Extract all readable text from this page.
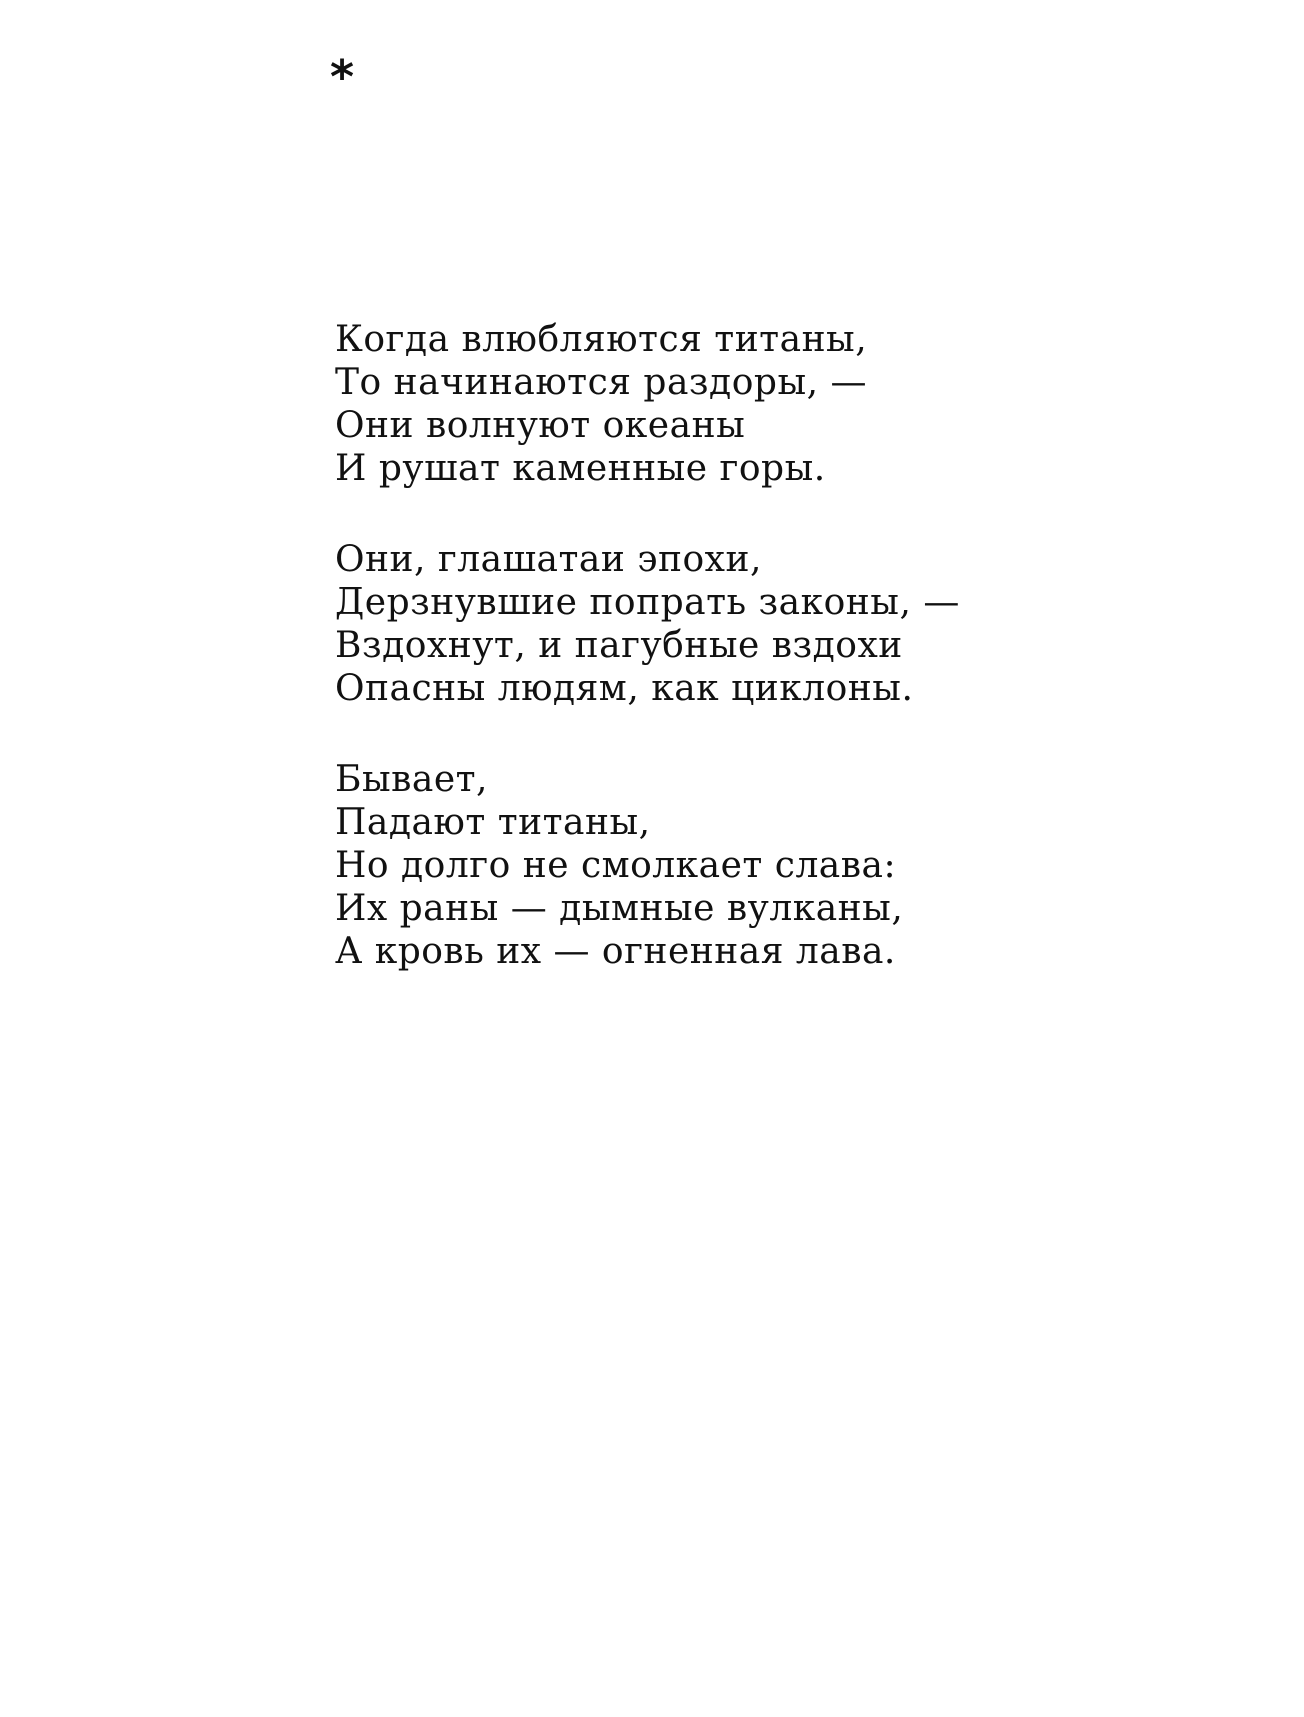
*
Когда влюбляются титаны,
То начинаются раздоры, —
Они волнуют океаны
И рушат каменные горы.
Они, глашатаи эпохи,
Дерзнувшие попрать законы, —
Вздохнут, и пагубные вздохи
Опасны людям, как циклоны.
Бывает,
Падают титаны,
Но долго не смолкает слава:
Их раны — дымные вулканы,
А кровь их — огненная лава.
